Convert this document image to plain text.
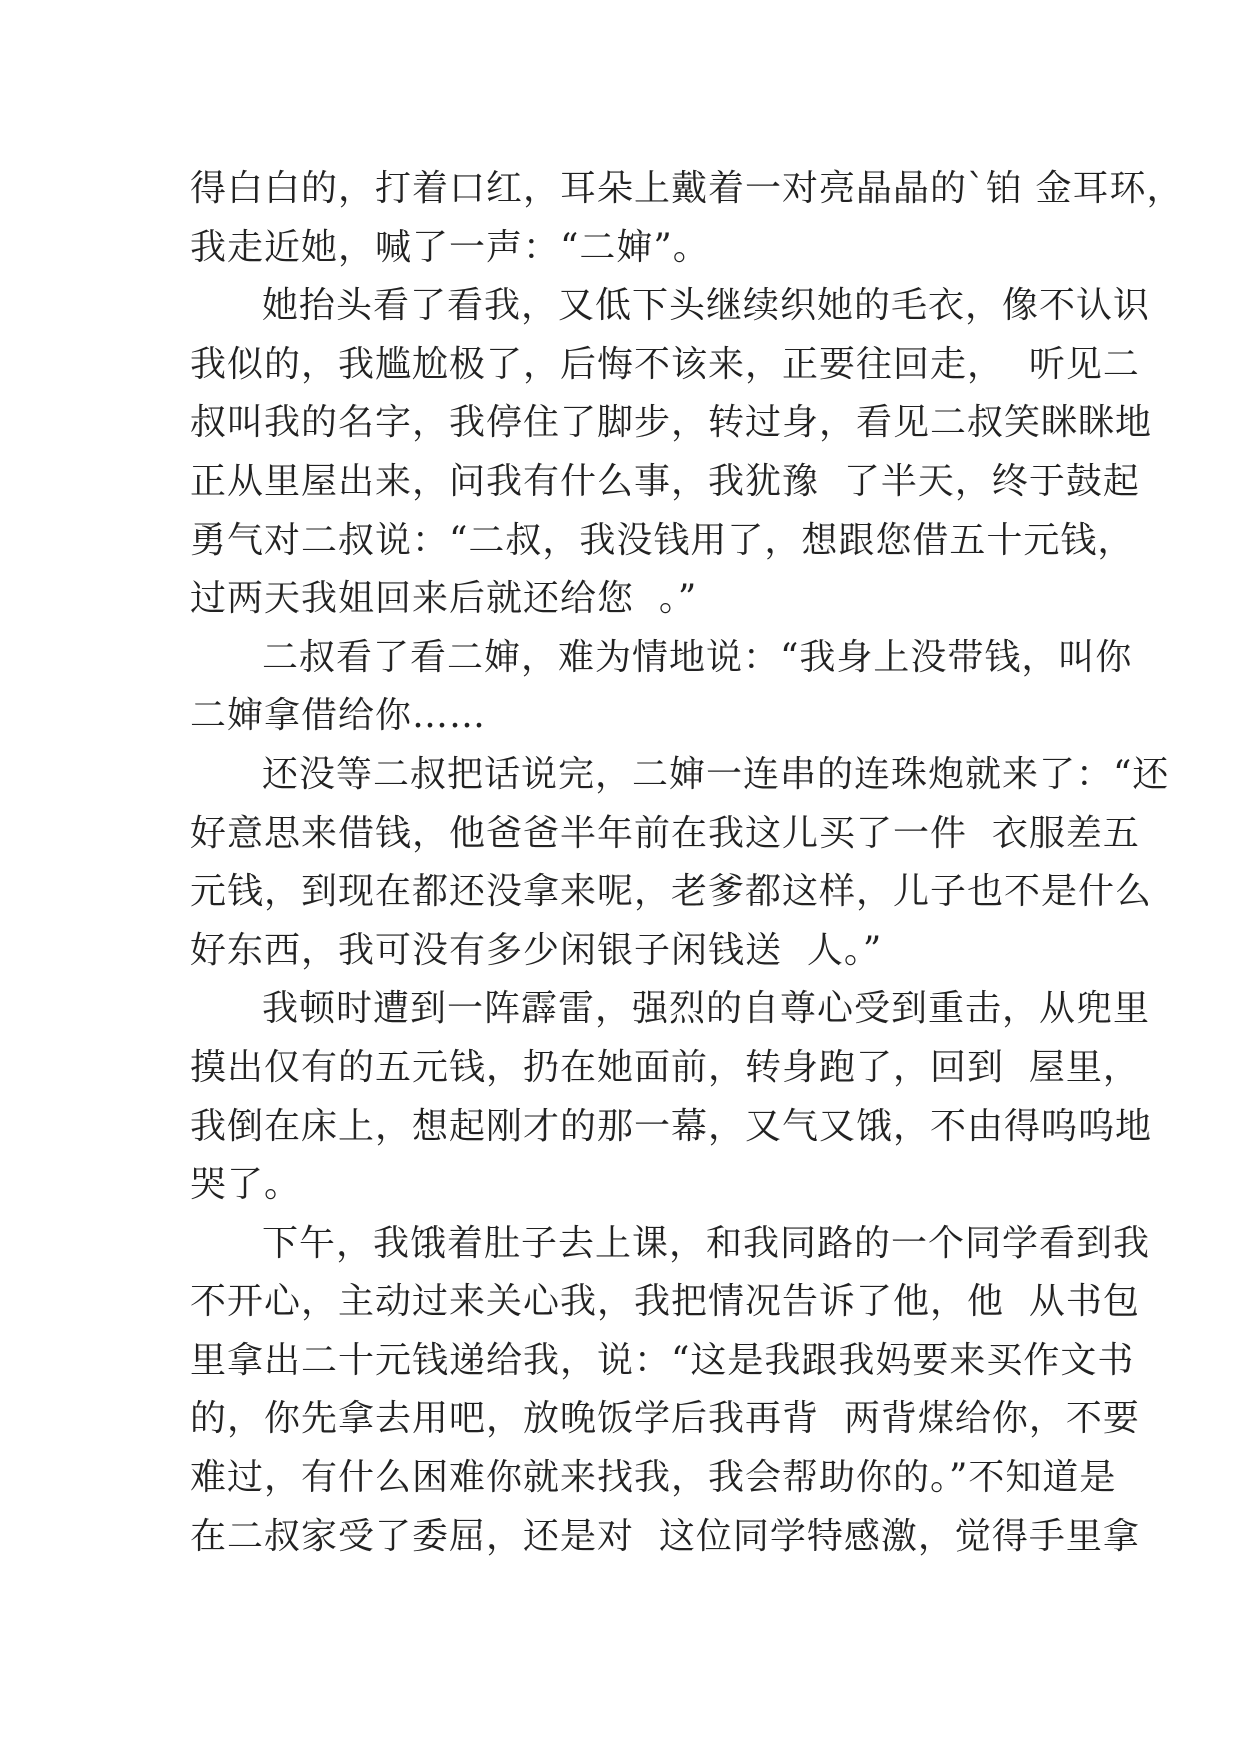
得白白的，打着口红，耳朵上戴着一对亮晶晶的`铂 金耳环，
我走近她，喊了一声：“二婶”。
她抬头看了看我，又低下头继续织她的毛衣，像不认识
我似的，我尴尬极了，后悔不该来，正要往回走，  听见二
叔叫我的名字，我停住了脚步，转过身，看见二叔笑眯眯地
正从里屋出来，问我有什么事，我犹豫  了半天，终于鼓起
勇气对二叔说：“二叔，我没钱用了，想跟您借五十元钱，
过两天我姐回来后就还给您  。”
二叔看了看二婶，难为情地说：“我身上没带钱，叫你
二婶拿借给你……
还没等二叔把话说完，二婶一连串的连珠炮就来了：“还
好意思来借钱，他爸爸半年前在我这儿买了一件  衣服差五
元钱，到现在都还没拿来呢，老爹都这样，儿子也不是什么
好东西，我可没有多少闲银子闲钱送  人。”
我顿时遭到一阵霹雷，强烈的自尊心受到重击，从兜里
摸出仅有的五元钱，扔在她面前，转身跑了，回到  屋里，
我倒在床上，想起刚才的那一幕，又气又饿，不由得呜呜地
哭了。
下午，我饿着肚子去上课，和我同路的一个同学看到我
不开心，主动过来关心我，我把情况告诉了他，他  从书包
里拿出二十元钱递给我，说：“这是我跟我妈要来买作文书
的，你先拿去用吧，放晚饭学后我再背  两背煤给你，不要
难过，有什么困难你就来找我，我会帮助你的。”不知道是
在二叔家受了委屈，还是对  这位同学特感激，觉得手里拿
